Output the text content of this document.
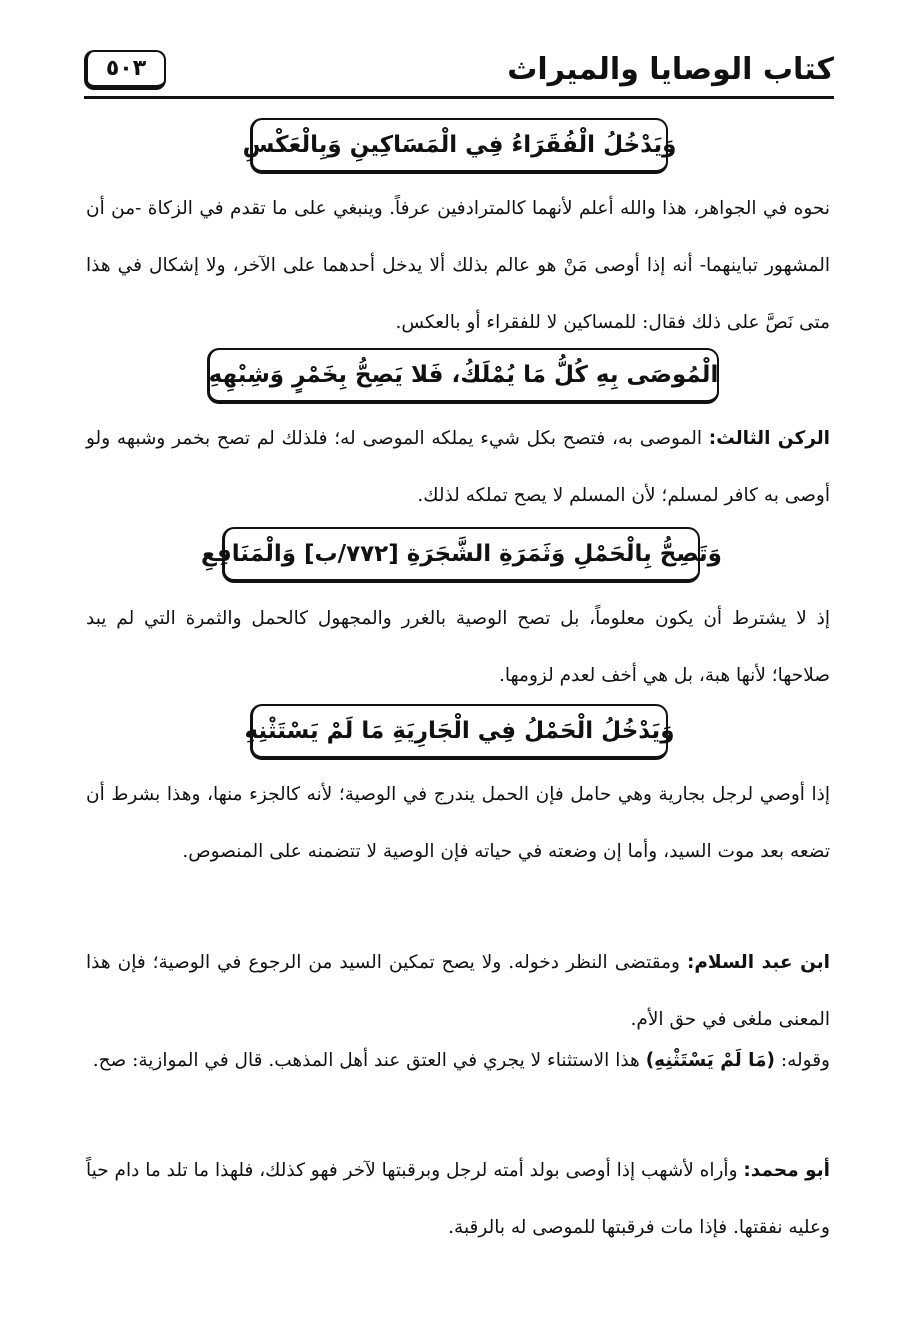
كتاب الوصايا والميراث
٥٠٣
وَيَدْخُلُ الْفُقَرَاءُ فِي الْمَسَاكِينِ وَبِالْعَكْسِ

نحوه في الجواهر، هذا والله أعلم لأنهما كالمترادفين عرفاً. وينبغي على ما تقدم في الزكاة -من أن المشهور تباينهما- أنه إذا أوصى مَنْ هو عالم بذلك ألا يدخل أحدهما على الآخر، ولا إشكال في هذا متى نَصَّ على ذلك فقال: للمساكين لا للفقراء أو بالعكس.

الْمُوصَى بِهِ كُلُّ مَا يُمْلَكُ، فَلا يَصِحُّ بِخَمْرٍ وَشِبْهِهِ

الركن الثالث: الموصى به، فتصح بكل شيء يملكه الموصى له؛ فلذلك لم تصح بخمر وشبهه ولو أوصى به كافر لمسلم؛ لأن المسلم لا يصح تملكه لذلك.

وَتَصِحُّ بِالْحَمْلِ وَثَمَرَةِ الشَّجَرَةِ [٧٧٢/ب] وَالْمَنَافِعِ

إذ لا يشترط أن يكون معلوماً، بل تصح الوصية بالغرر والمجهول كالحمل والثمرة التي لم يبد صلاحها؛ لأنها هبة، بل هي أخف لعدم لزومها.

وَيَدْخُلُ الْحَمْلُ فِي الْجَارِيَةِ مَا لَمْ يَسْتَثْنِهِ

إذا أوصي لرجل بجارية وهي حامل فإن الحمل يندرج في الوصية؛ لأنه كالجزء منها، وهذا بشرط أن تضعه بعد موت السيد، وأما إن وضعته في حياته فإن الوصية لا تتضمنه على المنصوص.

ابن عبد السلام: ومقتضى النظر دخوله. ولا يصح تمكين السيد من الرجوع في الوصية؛ فإن هذا المعنى ملغى في حق الأم.

وقوله: (مَا لَمْ يَسْتَثْنِهِ) هذا الاستثناء لا يجري في العتق عند أهل المذهب. قال في الموازية: صح.

أبو محمد: وأراه لأشهب إذا أوصى بولد أمته لرجل وبرقبتها لآخر فهو كذلك، فلهذا ما تلد ما دام حياً وعليه نفقتها. فإذا مات فرقبتها للموصى له بالرقبة.
